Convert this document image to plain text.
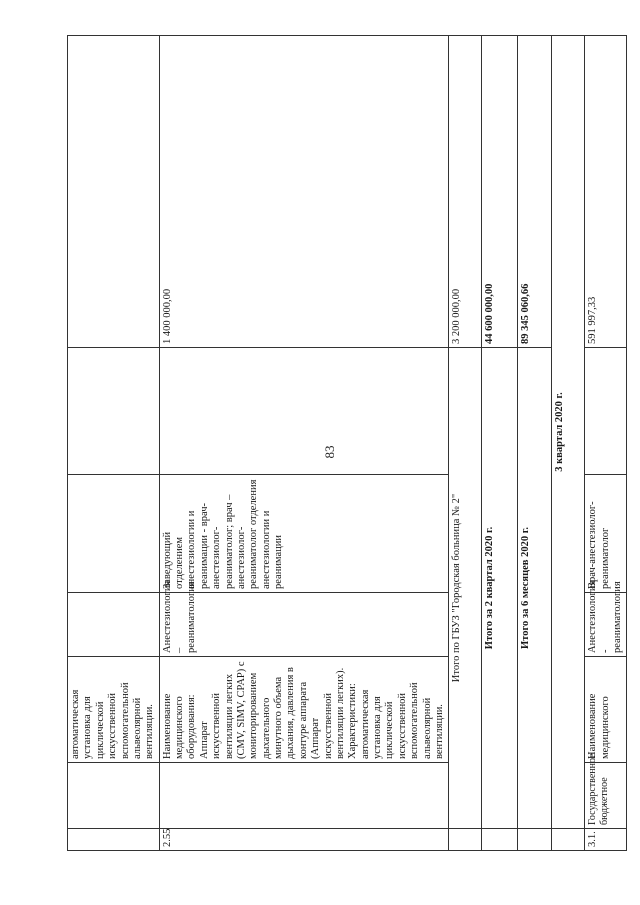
83
		автоматическая установка для циклической искусственной вспомогательной альвеолярной вентиляции.				
2.55		Наименование медицинского оборудования: Аппарат искусственной вентиляции легких (CMV, SIMV, CPAP) с мониторированием дыхательного минутного объема дыхания, давления в контуре аппарата (Аппарат искусственной вентиляции легких). Характеристики: автоматическая установка для циклической искусственной вспомогательной альвеолярной вентиляции.	Анестезиология – реаниматология	Заведующий отделением анестезиологии и реанимации - врач-анестезиолог-реаниматолог; врач – анестезиолог-реаниматолог отделения анестезиологии и реанимации		1 400 000,00
	Итого по ГБУЗ "Городская больница № 2"					3 200 000,00
	Итого за 2 квартал 2020 г.					44 600 000,00
	Итого за 6 месяцев 2020 г.					89 345 060,66
	3 квартал 2020 г.					
3.1.	Государственное бюджетное	Наименование медицинского	Анестезиология - реаниматология	Врач-анестезиолог-реаниматолог		591 997,33
